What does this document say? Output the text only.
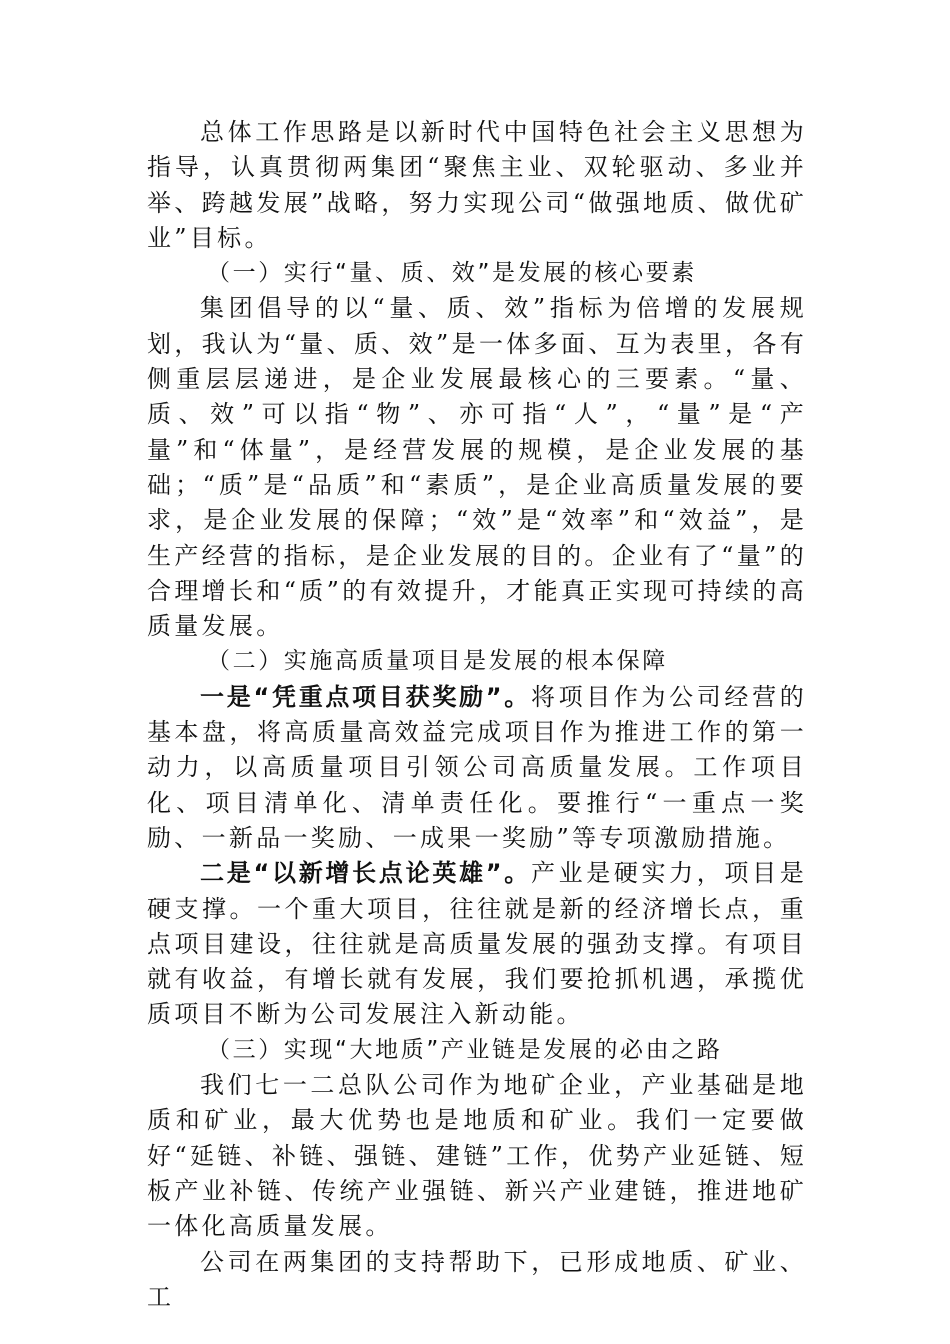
总体工作思路是以新时代中国特色社会主义思想为指导，认真贯彻两集团“聚焦主业、双轮驱动、多业并举、跨越发展”战略，努力实现公司“做强地质、做优矿业”目标。

（一）实行“量、质、效”是发展的核心要素

集团倡导的以“量、质、效”指标为倍增的发展规划，我认为“量、质、效”是一体多面、互为表里，各有侧重层层递进，是企业发展最核心的三要素。“量、质、效”可以指“物”、亦可指“人”，“量”是“产量”和“体量”，是经营发展的规模，是企业发展的基础；“质”是“品质”和“素质”，是企业高质量发展的要求，是企业发展的保障；“效”是“效率”和“效益”，是生产经营的指标，是企业发展的目的。企业有了“量”的合理增长和“质”的有效提升，才能真正实现可持续的高质量发展。

（二）实施高质量项目是发展的根本保障

一是“凭重点项目获奖励”。将项目作为公司经营的基本盘，将高质量高效益完成项目作为推进工作的第一动力，以高质量项目引领公司高质量发展。工作项目化、项目清单化、清单责任化。要推行“一重点一奖励、一新品一奖励、一成果一奖励”等专项激励措施。

二是“以新增长点论英雄”。产业是硬实力，项目是硬支撑。一个重大项目，往往就是新的经济增长点，重点项目建设，往往就是高质量发展的强劲支撑。有项目就有收益，有增长就有发展，我们要抢抓机遇，承揽优质项目不断为公司发展注入新动能。

（三）实现“大地质”产业链是发展的必由之路

我们七一二总队公司作为地矿企业，产业基础是地质和矿业，最大优势也是地质和矿业。我们一定要做好“延链、补链、强链、建链”工作，优势产业延链、短板产业补链、传统产业强链、新兴产业建链，推进地矿一体化高质量发展。

公司在两集团的支持帮助下，已形成地质、矿业、工
